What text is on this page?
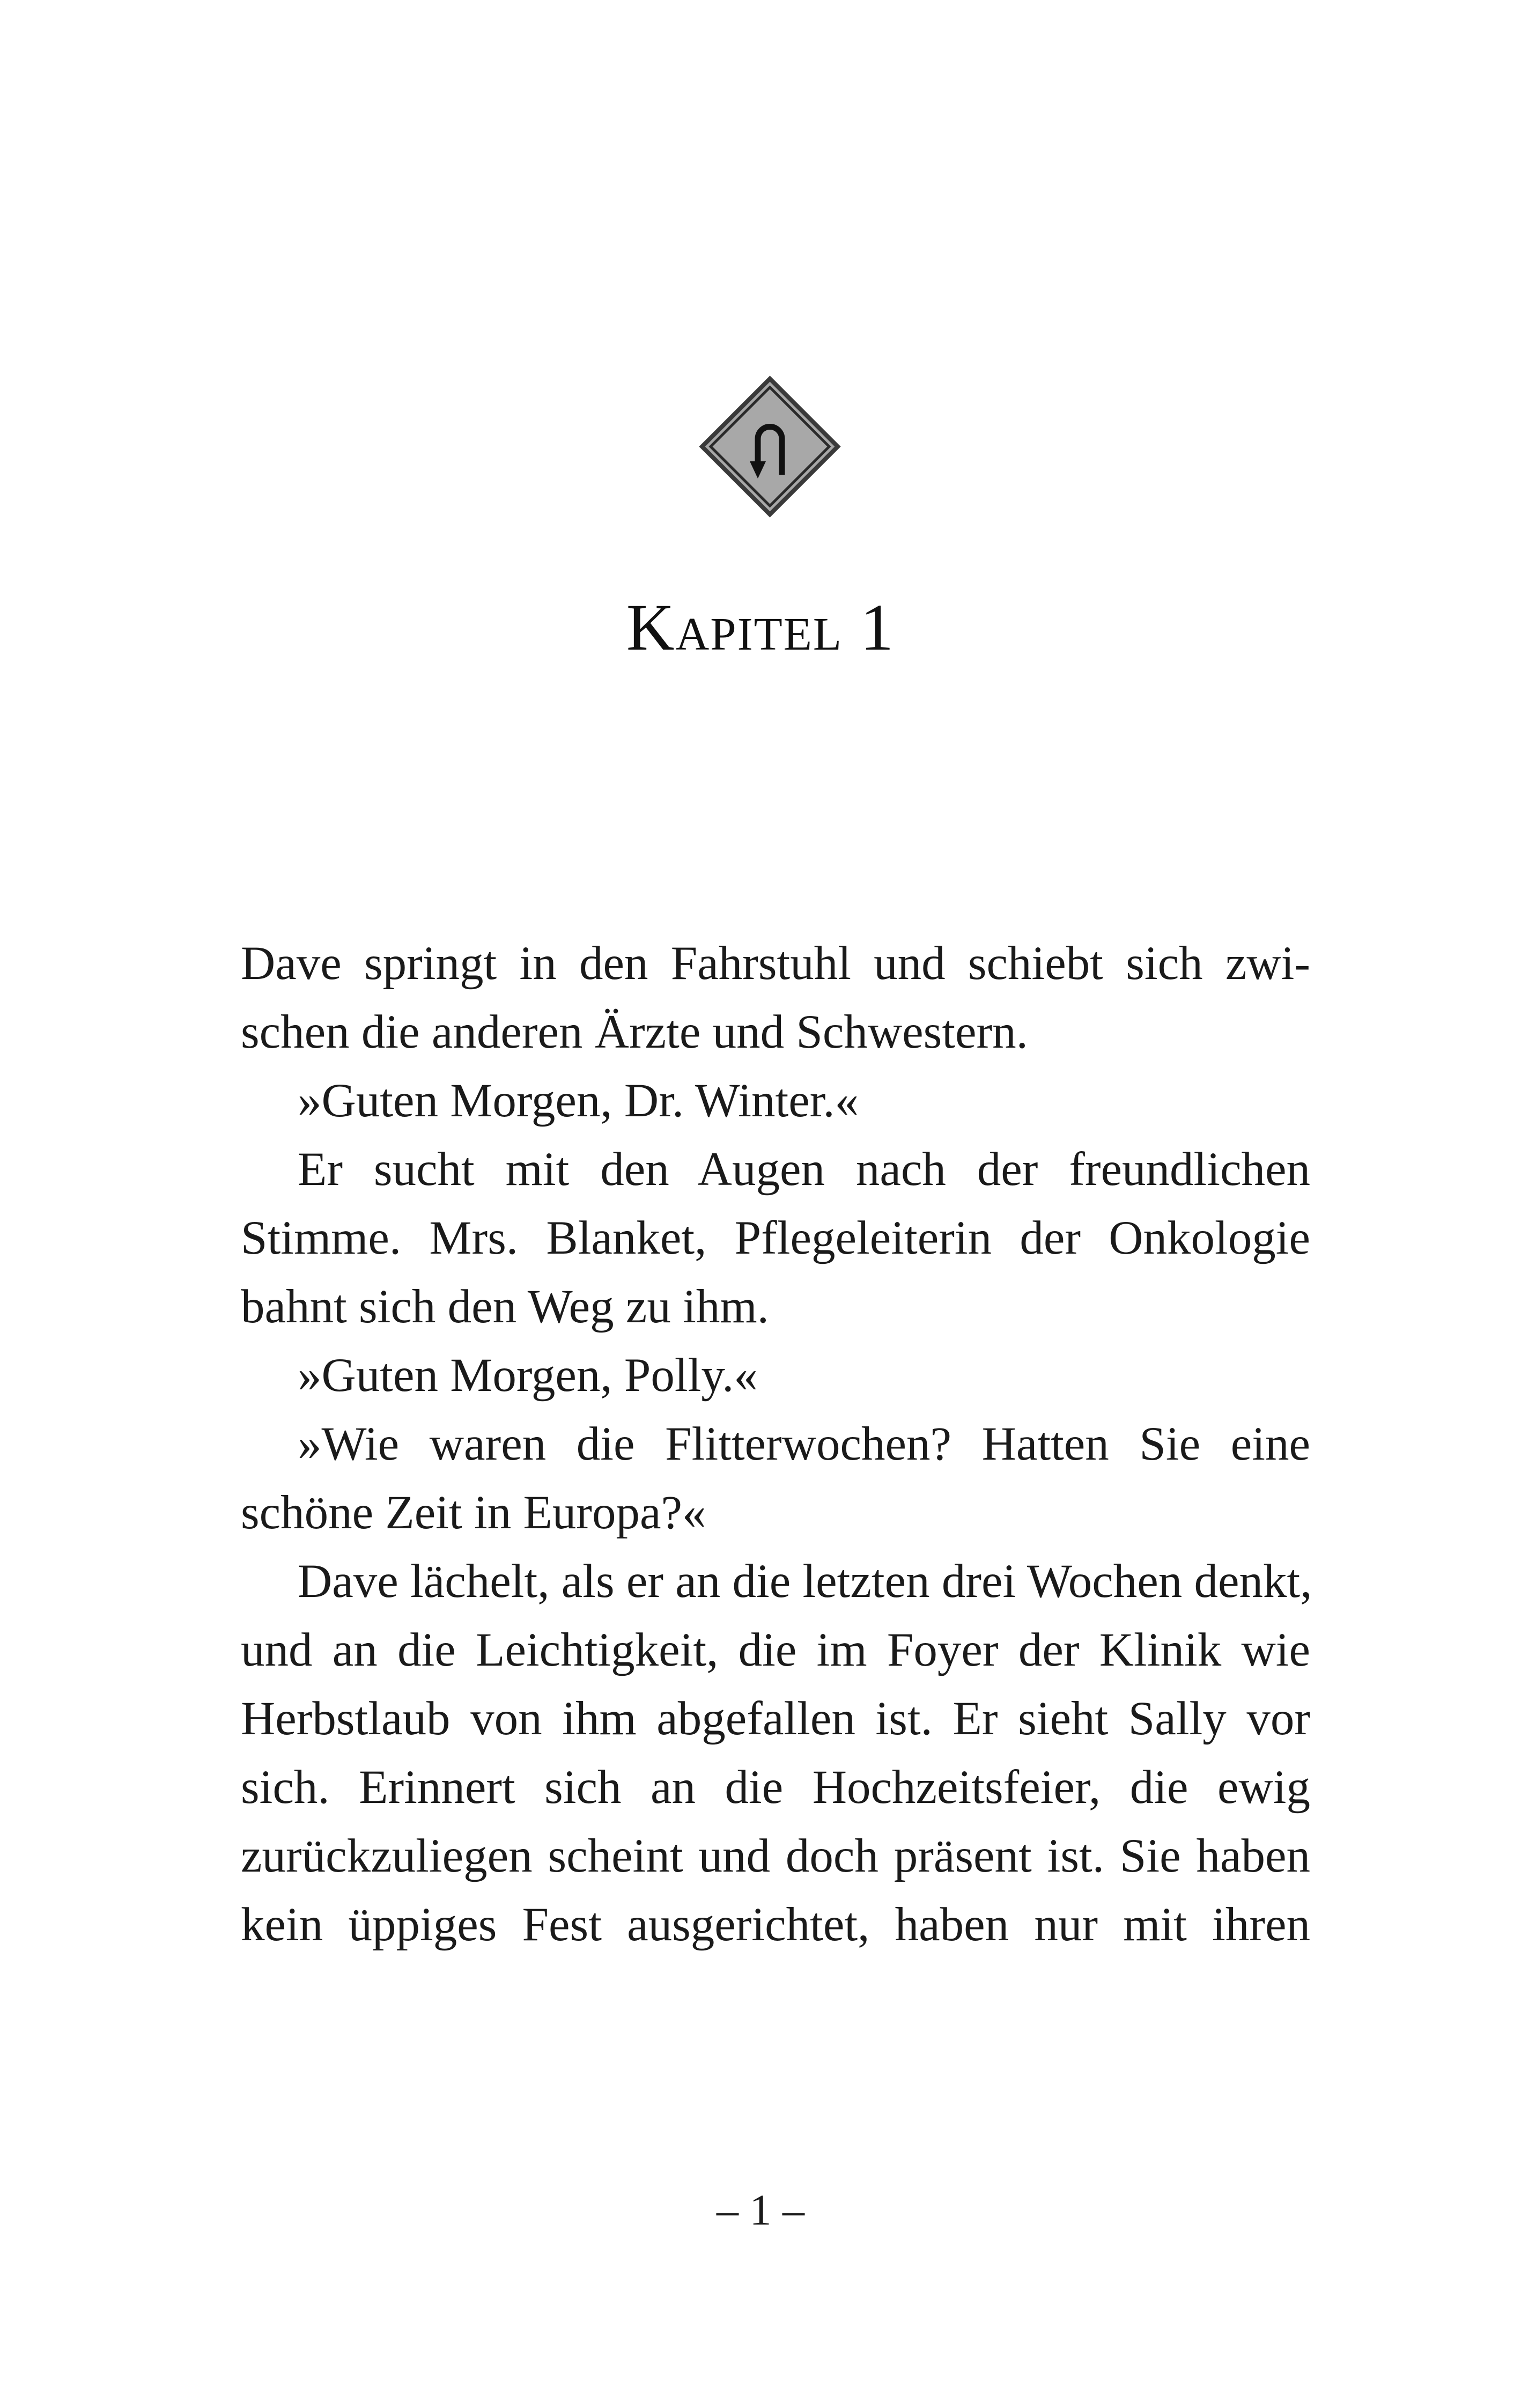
Kapitel 1
Dave springt in den Fahrstuhl und schiebt sich zwi-
schen die anderen Ärzte und Schwestern.
»Guten Morgen, Dr. Winter.«
Er sucht mit den Augen nach der freundlichen
Stimme. Mrs. Blanket, Pflegeleiterin der Onkologie
bahnt sich den Weg zu ihm.
»Guten Morgen, Polly.«
»Wie waren die Flitterwochen? Hatten Sie eine
schöne Zeit in Europa?«
Dave lächelt, als er an die letzten drei Wochen denkt,
und an die Leichtigkeit, die im Foyer der Klinik wie
Herbstlaub von ihm abgefallen ist. Er sieht Sally vor
sich. Erinnert sich an die Hochzeitsfeier, die ewig
zurückzuliegen scheint und doch präsent ist. Sie haben
kein üppiges Fest ausgerichtet, haben nur mit ihren
– 1 –
